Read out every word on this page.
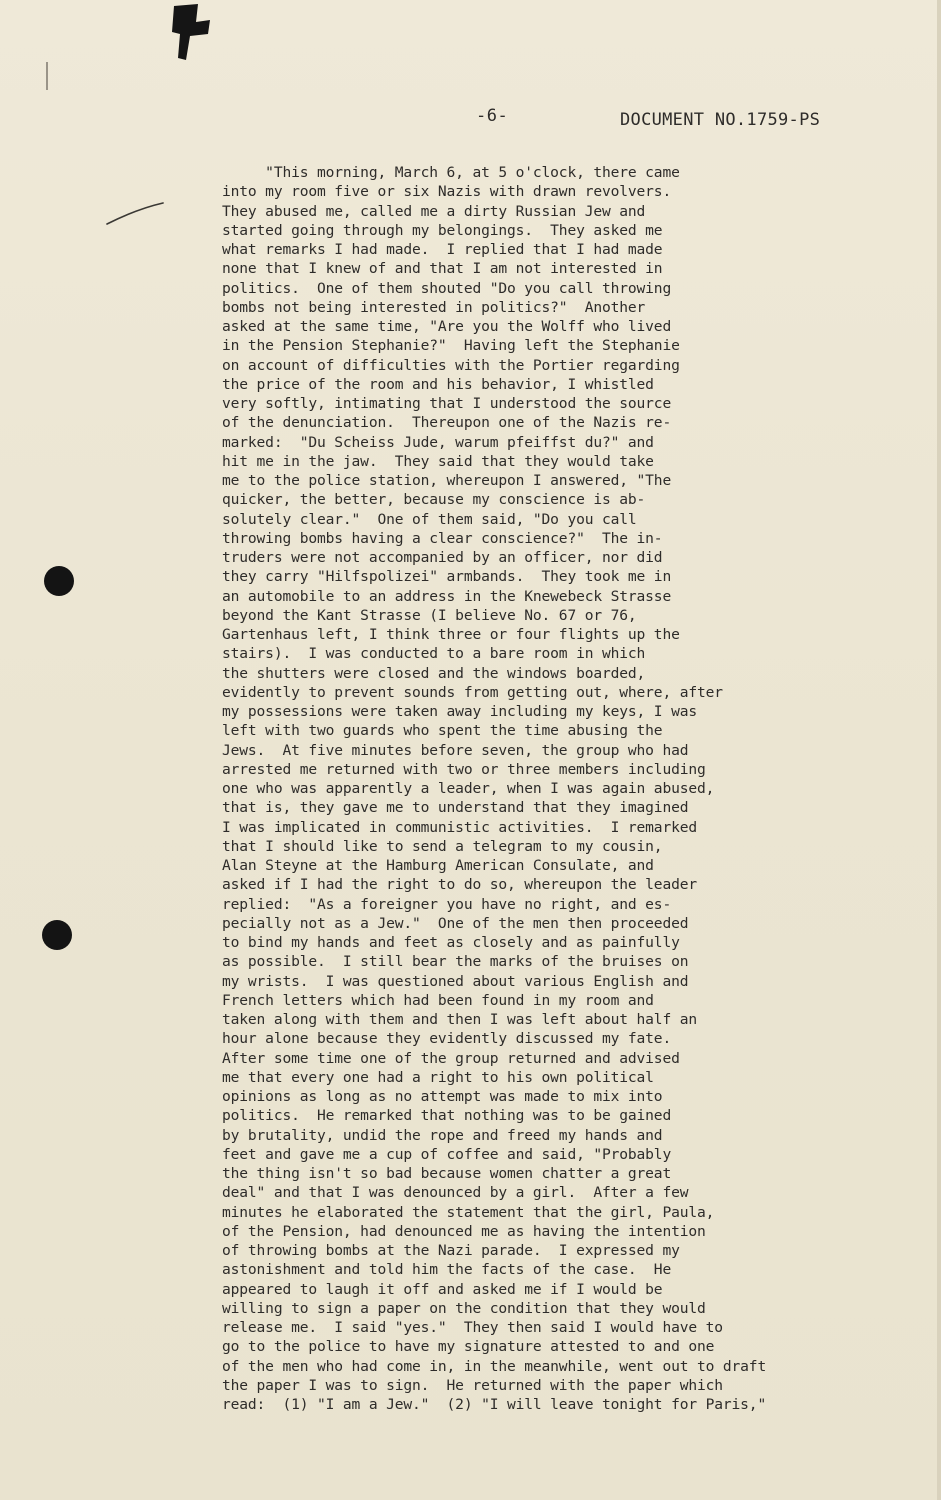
-6-	DOCUMENT NO.1759-PS
"This morning, March 6, at 5 o'clock, there came
into my room five or six Nazis with drawn revolvers.
They abused me, called me a dirty Russian Jew and
started going through my belongings.  They asked me
what remarks I had made.  I replied that I had made
none that I knew of and that I am not interested in
politics.  One of them shouted "Do you call throwing
bombs not being interested in politics?"  Another
asked at the same time, "Are you the Wolff who lived
in the Pension Stephanie?"  Having left the Stephanie
on account of difficulties with the Portier regarding
the price of the room and his behavior, I whistled
very softly, intimating that I understood the source
of the denunciation.  Thereupon one of the Nazis re-
marked:  "Du Scheiss Jude, warum pfeiffst du?" and
hit me in the jaw.  They said that they would take
me to the police station, whereupon I answered, "The
quicker, the better, because my conscience is ab-
solutely clear."  One of them said, "Do you call
throwing bombs having a clear conscience?"  The in-
truders were not accompanied by an officer, nor did
they carry "Hilfspolizei" armbands.  They took me in
an automobile to an address in the Knewebeck Strasse
beyond the Kant Strasse (I believe No. 67 or 76,
Gartenhaus left, I think three or four flights up the
stairs).  I was conducted to a bare room in which
the shutters were closed and the windows boarded,
evidently to prevent sounds from getting out, where, after
my possessions were taken away including my keys, I was
left with two guards who spent the time abusing the
Jews.  At five minutes before seven, the group who had
arrested me returned with two or three members including
one who was apparently a leader, when I was again abused,
that is, they gave me to understand that they imagined
I was implicated in communistic activities.  I remarked
that I should like to send a telegram to my cousin,
Alan Steyne at the Hamburg American Consulate, and
asked if I had the right to do so, whereupon the leader
replied:  "As a foreigner you have no right, and es-
pecially not as a Jew."  One of the men then proceeded
to bind my hands and feet as closely and as painfully
as possible.  I still bear the marks of the bruises on
my wrists.  I was questioned about various English and
French letters which had been found in my room and
taken along with them and then I was left about half an
hour alone because they evidently discussed my fate.
After some time one of the group returned and advised
me that every one had a right to his own political
opinions as long as no attempt was made to mix into
politics.  He remarked that nothing was to be gained
by brutality, undid the rope and freed my hands and
feet and gave me a cup of coffee and said, "Probably
the thing isn't so bad because women chatter a great
deal" and that I was denounced by a girl.  After a few
minutes he elaborated the statement that the girl, Paula,
of the Pension, had denounced me as having the intention
of throwing bombs at the Nazi parade.  I expressed my
astonishment and told him the facts of the case.  He
appeared to laugh it off and asked me if I would be
willing to sign a paper on the condition that they would
release me.  I said "yes."  They then said I would have to
go to the police to have my signature attested to and one
of the men who had come in, in the meanwhile, went out to draft
the paper I was to sign.  He returned with the paper which
read:  (1) "I am a Jew."  (2) "I will leave tonight for Paris,"
